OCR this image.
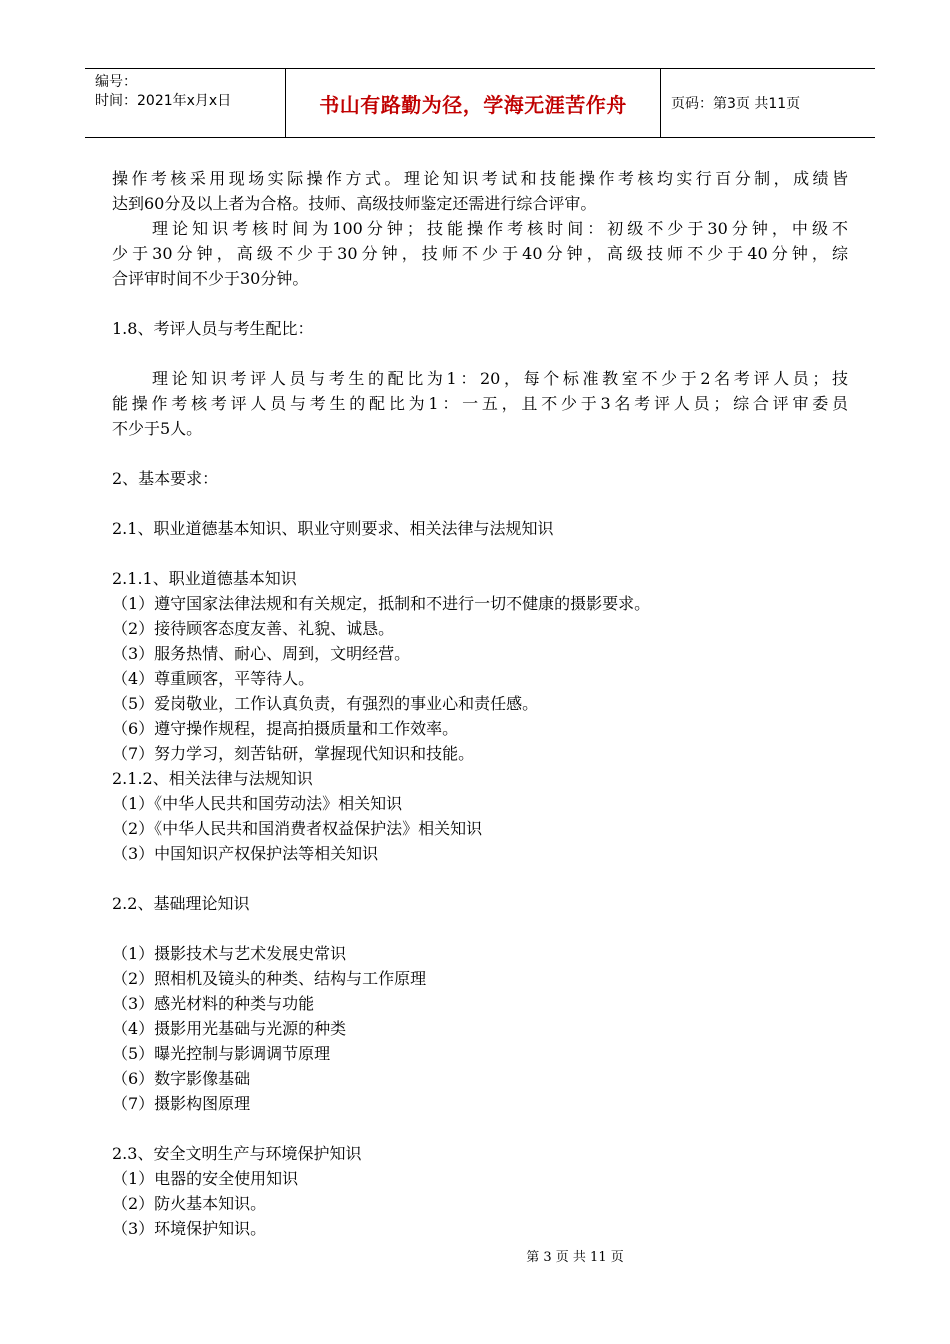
编号：
时间：2021年x月x日	书山有路勤为径，学海无涯苦作舟	页码：第3页 共11页

操作考核采用现场实际操作方式。理论知识考试和技能操作考核均实行百分制，成绩皆

达到60分及以上者为合格。技师、高级技师鉴定还需进行综合评审。

理论知识考核时间为100分钟；技能操作考核时间：初级不少于30分钟，中级不

少于30分钟，高级不少于30分钟，技师不少于40分钟，高级技师不少于40分钟，综

合评审时间不少于30分钟。

1.8、考评人员与考生配比：

理论知识考评人员与考生的配比为1：20，每个标准教室不少于2名考评人员；技

能操作考核考评人员与考生的配比为1：一五，且不少于3名考评人员；综合评审委员

不少于5人。

2、基本要求：

2.1、职业道德基本知识、职业守则要求、相关法律与法规知识

2.1.1、职业道德基本知识

（1）遵守国家法律法规和有关规定，抵制和不进行一切不健康的摄影要求。

（2）接待顾客态度友善、礼貌、诚恳。

（3）服务热情、耐心、周到，文明经营。

（4）尊重顾客，平等待人。

（5）爱岗敬业，工作认真负责，有强烈的事业心和责任感。

（6）遵守操作规程，提高拍摄质量和工作效率。

（7）努力学习，刻苦钻研，掌握现代知识和技能。

2.1.2、相关法律与法规知识

（1）《中华人民共和国劳动法》相关知识

（2）《中华人民共和国消费者权益保护法》相关知识

（3）中国知识产权保护法等相关知识

2.2、基础理论知识

（1）摄影技术与艺术发展史常识

（2）照相机及镜头的种类、结构与工作原理

（3）感光材料的种类与功能

（4）摄影用光基础与光源的种类

（5）曝光控制与影调调节原理

（6）数字影像基础

（7）摄影构图原理

2.3、安全文明生产与环境保护知识

（1）电器的安全使用知识

（2）防火基本知识。

（3）环境保护知识。

第 3 页 共 11 页
